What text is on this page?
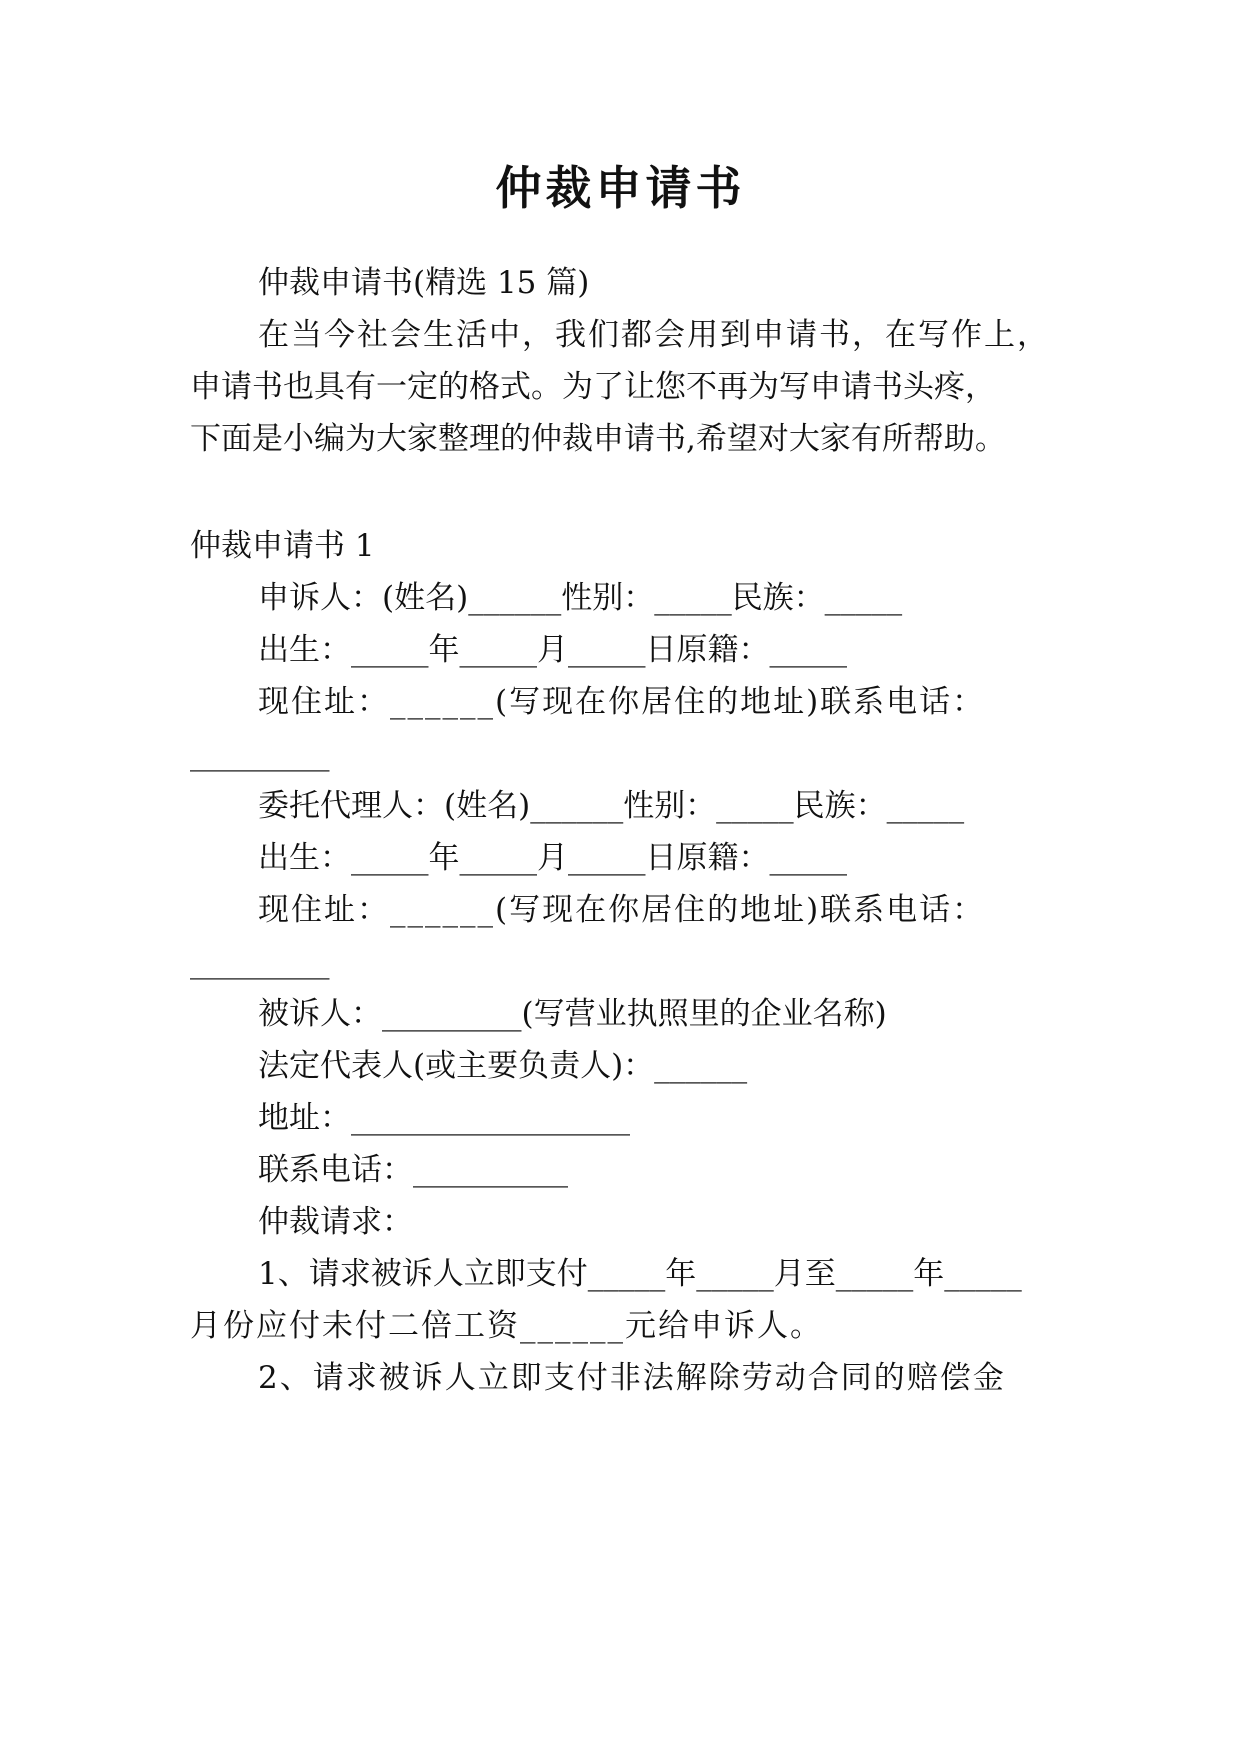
仲裁申请书
仲裁申请书(精选 15 篇)
在当今社会生活中，我们都会用到申请书，在写作上，
申请书也具有一定的格式。为了让您不再为写申请书头疼，
下面是小编为大家整理的仲裁申请书,希望对大家有所帮助。
仲裁申请书 1
申诉人：(姓名)______性别：_____民族：_____
出生：_____年_____月_____日原籍：_____
现住址：______(写现在你居住的地址)联系电话：
_________
委托代理人：(姓名)______性别：_____民族：_____
出生：_____年_____月_____日原籍：_____
现住址：______(写现在你居住的地址)联系电话：
_________
被诉人：_________(写营业执照里的企业名称)
法定代表人(或主要负责人)：______
地址：__________________
联系电话：__________
仲裁请求：
1、请求被诉人立即支付_____年_____月至_____年_____
月份应付未付二倍工资______元给申诉人。
2、请求被诉人立即支付非法解除劳动合同的赔偿金
